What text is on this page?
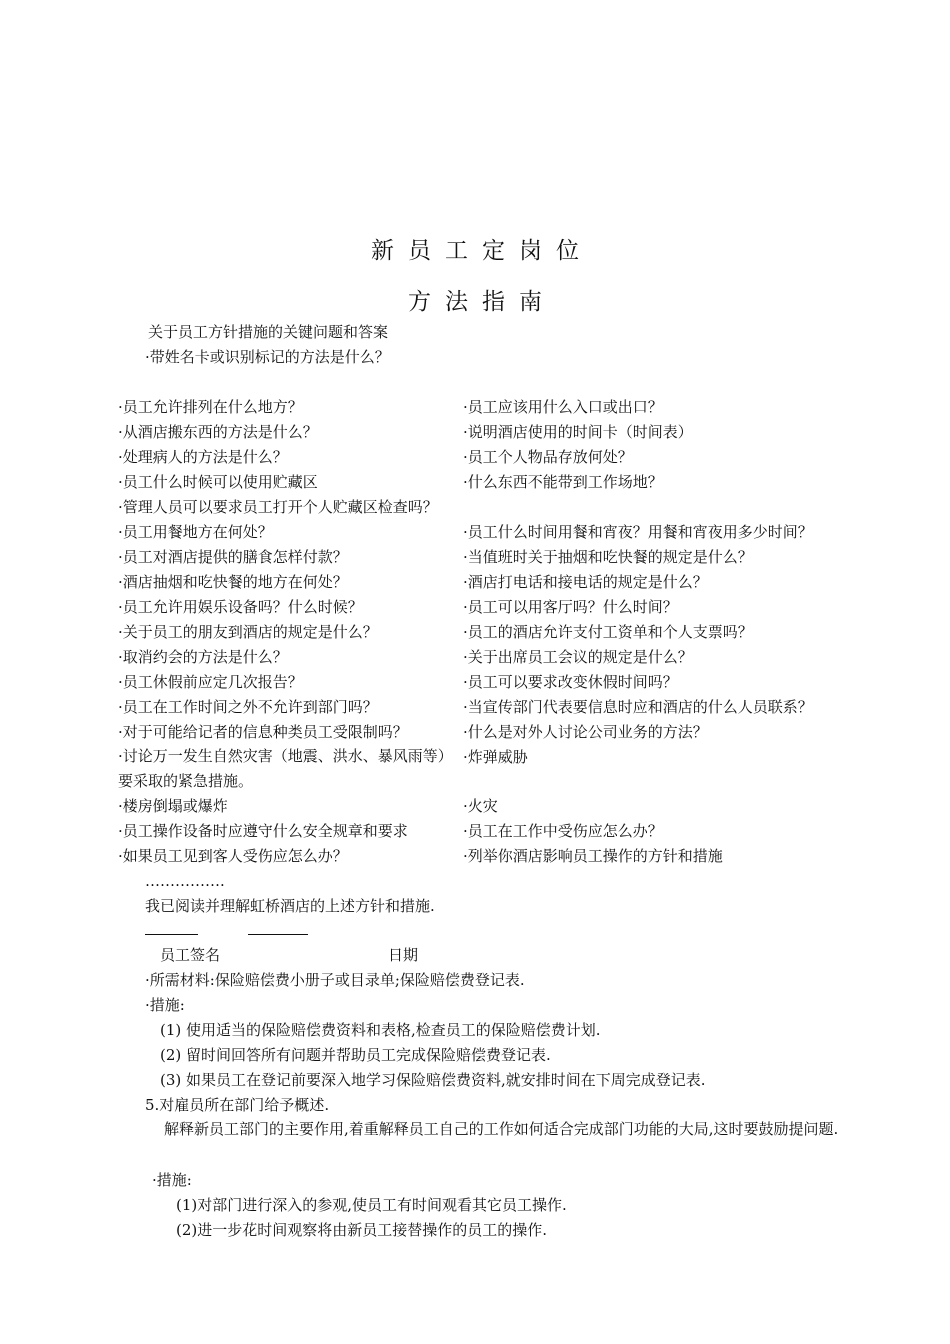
新员工定岗位
方法指南
关于员工方针措施的关键问题和答案
·带姓名卡或识别标记的方法是什么？
·员工允许排列在什么地方？	·员工应该用什么入口或出口？
·从酒店搬东西的方法是什么？	·说明酒店使用的时间卡（时间表）
·处理病人的方法是什么？	·员工个人物品存放何处？
·员工什么时候可以使用贮藏区	·什么东西不能带到工作场地？
·管理人员可以要求员工打开个人贮藏区检查吗？
·员工用餐地方在何处？	·员工什么时间用餐和宵夜？用餐和宵夜用多少时间？
·员工对酒店提供的膳食怎样付款？	·当值班时关于抽烟和吃快餐的规定是什么？
·酒店抽烟和吃快餐的地方在何处？	·酒店打电话和接电话的规定是什么？
·员工允许用娱乐设备吗？什么时候？	·员工可以用客厅吗？什么时间？
·关于员工的朋友到酒店的规定是什么？	·员工的酒店允许支付工资单和个人支票吗？
·取消约会的方法是什么？	·关于出席员工会议的规定是什么？
·员工休假前应定几次报告？	·员工可以要求改变休假时间吗？
·员工在工作时间之外不允许到部门吗？	·当宣传部门代表要信息时应和酒店的什么人员联系？
·对于可能给记者的信息种类员工受限制吗？	·什么是对外人讨论公司业务的方法？
·讨论万一发生自然灾害（地震、洪水、暴风雨等）要采取的紧急措施。
·炸弹威胁
·楼房倒塌或爆炸	·火灾
·员工操作设备时应遵守什么安全规章和要求	·员工在工作中受伤应怎么办？
·如果员工见到客人受伤应怎么办？	·列举你酒店影响员工操作的方针和措施
…………….
我已阅读并理解虹桥酒店的上述方针和措施.
员工签名	日期
·所需材料:保险赔偿费小册子或目录单;保险赔偿费登记表.
·措施:
(1) 使用适当的保险赔偿费资料和表格,检查员工的保险赔偿费计划.
(2) 留时间回答所有问题并帮助员工完成保险赔偿费登记表.
(3) 如果员工在登记前要深入地学习保险赔偿费资料,就安排时间在下周完成登记表.
5.对雇员所在部门给予概述.
解释新员工部门的主要作用,着重解释员工自己的工作如何适合完成部门功能的大局,这时要鼓励提问题.
·措施:
(1)对部门进行深入的参观,使员工有时间观看其它员工操作.
(2)进一步花时间观察将由新员工接替操作的员工的操作.
